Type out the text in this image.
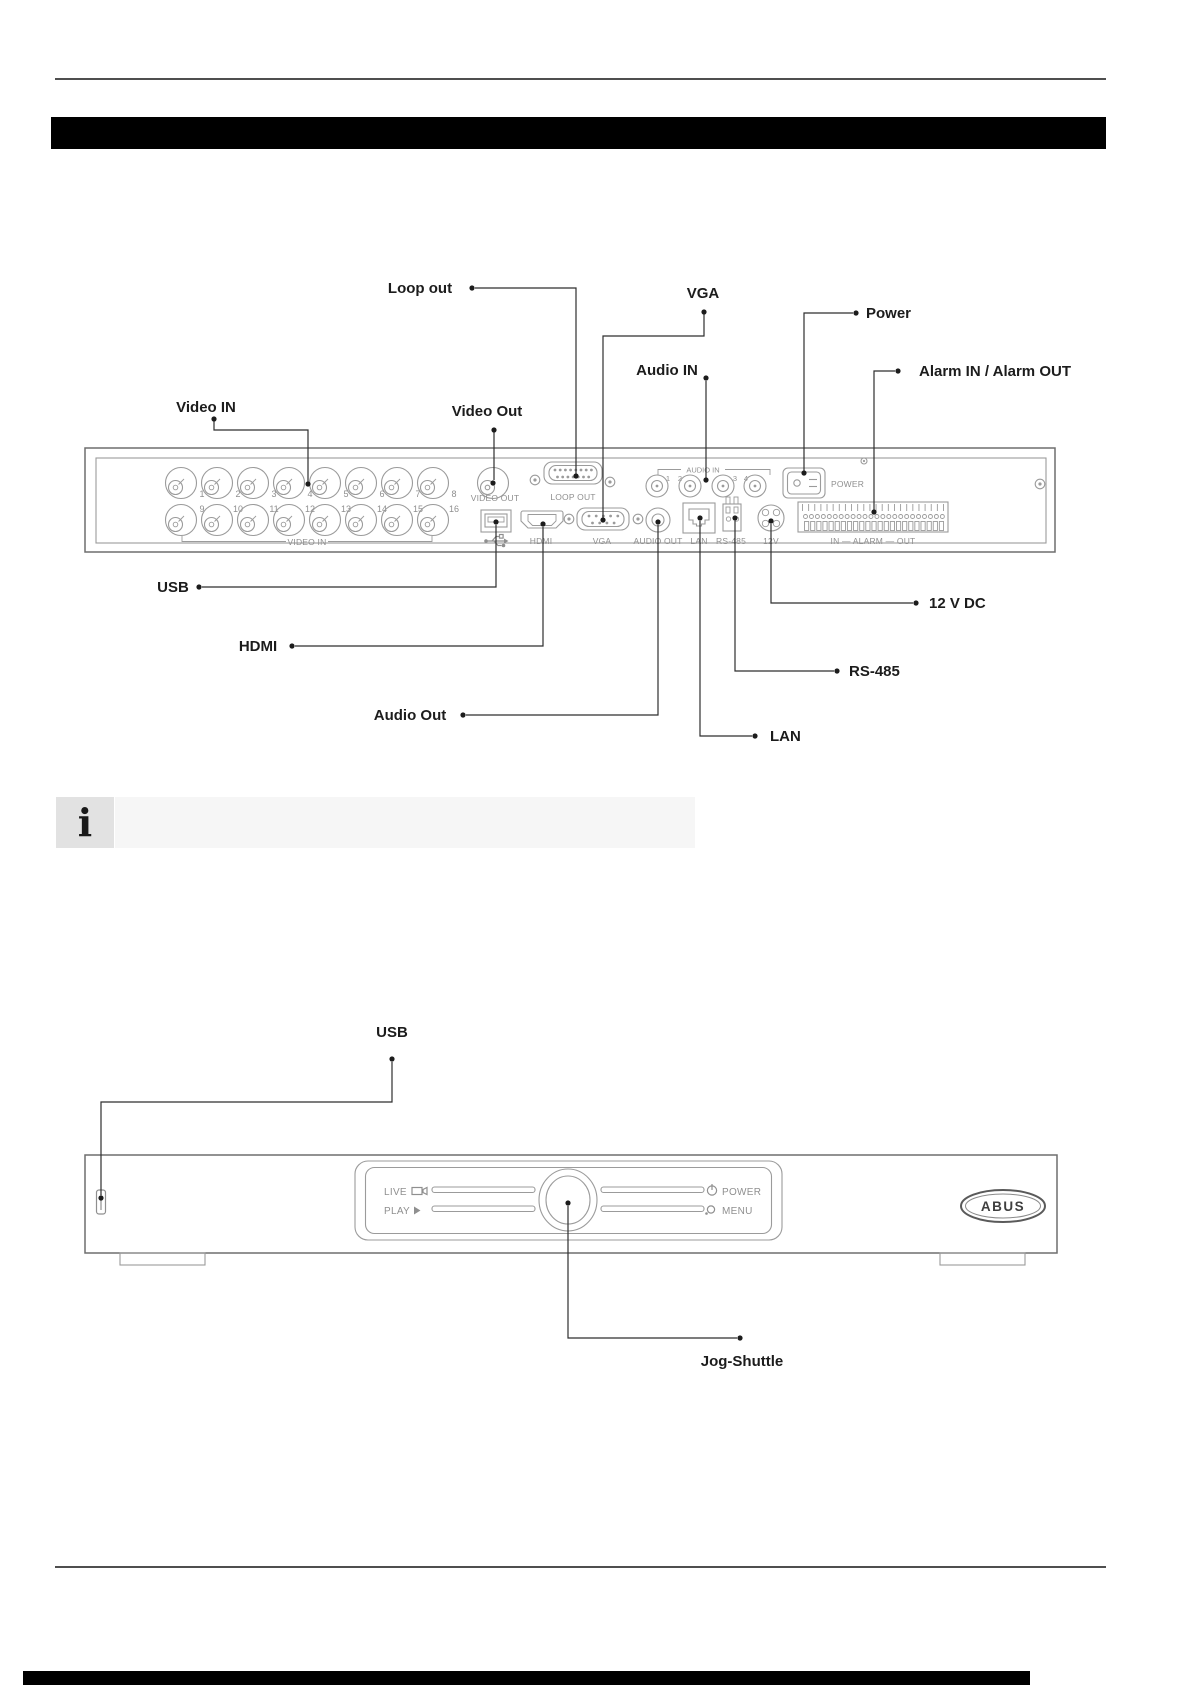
1
9
2
10
3
11
4
12
5
13
6
14
7
15
8
16
VIDEO IN
VIDEO OUT	LOOP OUT
AUDIO IN
1 2	3 4
POWER
HDMI	VGA	AUDIO OUT LAN RS-485 12V	IN — ALARM — OUT
Video IN	Video Out
Loop out	VGA
Audio IN
Power
Alarm IN / Alarm OUT
USB
HDMI
Audio Out
LAN
RS-485
12 V DC
LIVE	POWER
PLAY	MENU	ABUS
USB
Jog-Shuttle
i
